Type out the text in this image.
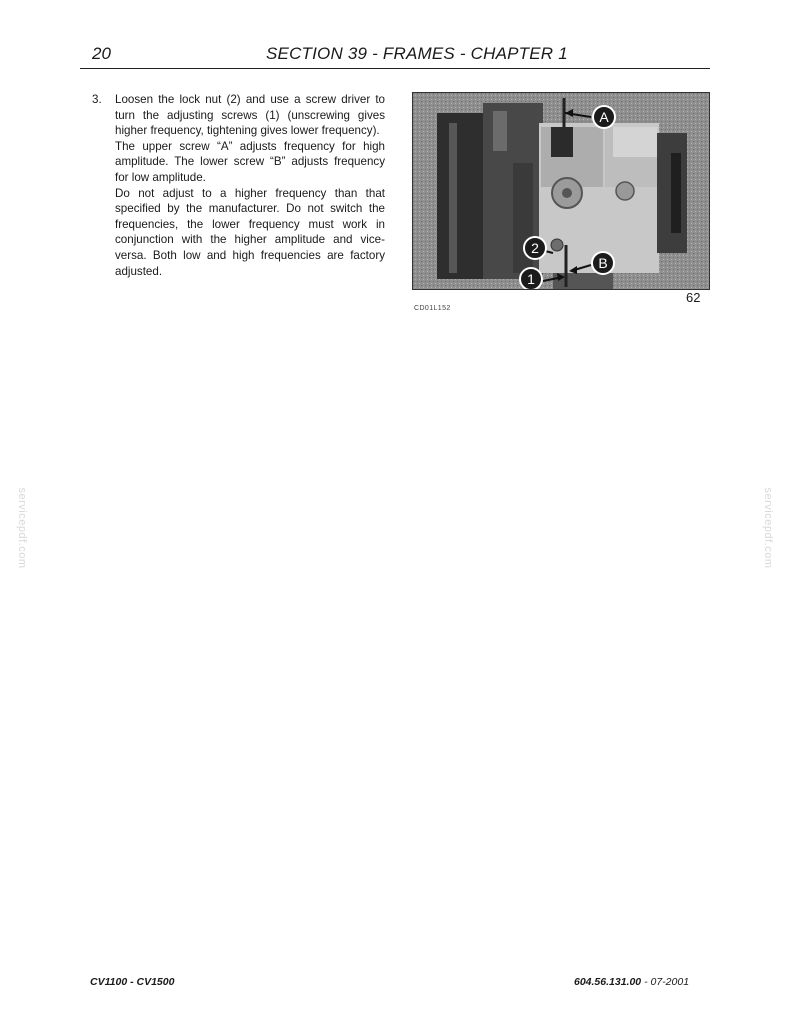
20	SECTION 39 - FRAMES - CHAPTER 1
3. Loosen the lock nut (2) and use a screw driver to turn the adjusting screws (1) (unscrewing gives higher frequency, tightening gives lower frequency).

The upper screw “A” adjusts frequency for high amplitude. The lower screw “B” adjusts frequency for low amplitude.

Do not adjust to a higher frequency than that specified by the manufacturer. Do not switch the frequencies, the lower frequency must work in conjunction with the higher amplitude and vice-versa. Both low and high frequencies are factory adjusted.

A
B
2
1
CD01L152
62
servicepdf.com	servicepdf.com
CV1100 - CV1500	604.56.131.00 - 07-2001
